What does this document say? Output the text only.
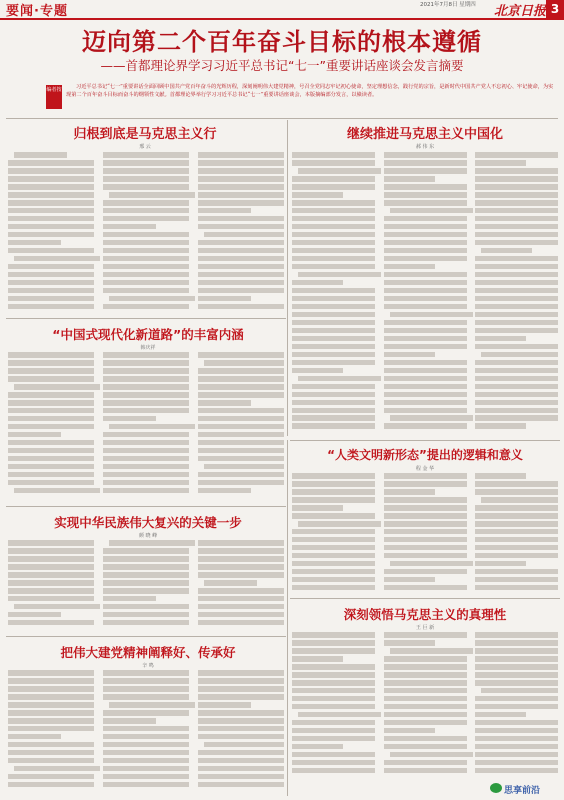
要闻·专题	2021年7月8日 星期四 北京日报 3
迈向第二个百年奋斗目标的根本遵循
——首都理论界学习习近平总书记“七一”重要讲话座谈会发言摘要
编者按	习近平总书记“七一”重要讲话全面回顾中国共产党百年奋斗的光辉历程，深刻阐明伟大建党精神，号召全党同志牢记初心使命，坚定理想信念，践行党的宗旨，是新时代中国共产党人不忘初心、牢记使命，为实现第二个百年奋斗目标而奋斗的纲领性文献。首都理论界举行学习习近平总书记“七一”重要讲话座谈会，本版摘编部分发言，以飨读者。
归根到底是马克思主义行
邢 云
继续推进马克思主义中国化
郝 伟 东
“中国式现代化新道路”的丰富内涵
韩庆祥
“人类文明新形态”提出的逻辑和意义
程 金 华
实现中华民族伟大复兴的关键一步
颜 晓 峰
深刻领悟马克思主义的真理性
王 巨 新
把伟大建党精神阐释好、传承好
辛 鸣
思享前沿
